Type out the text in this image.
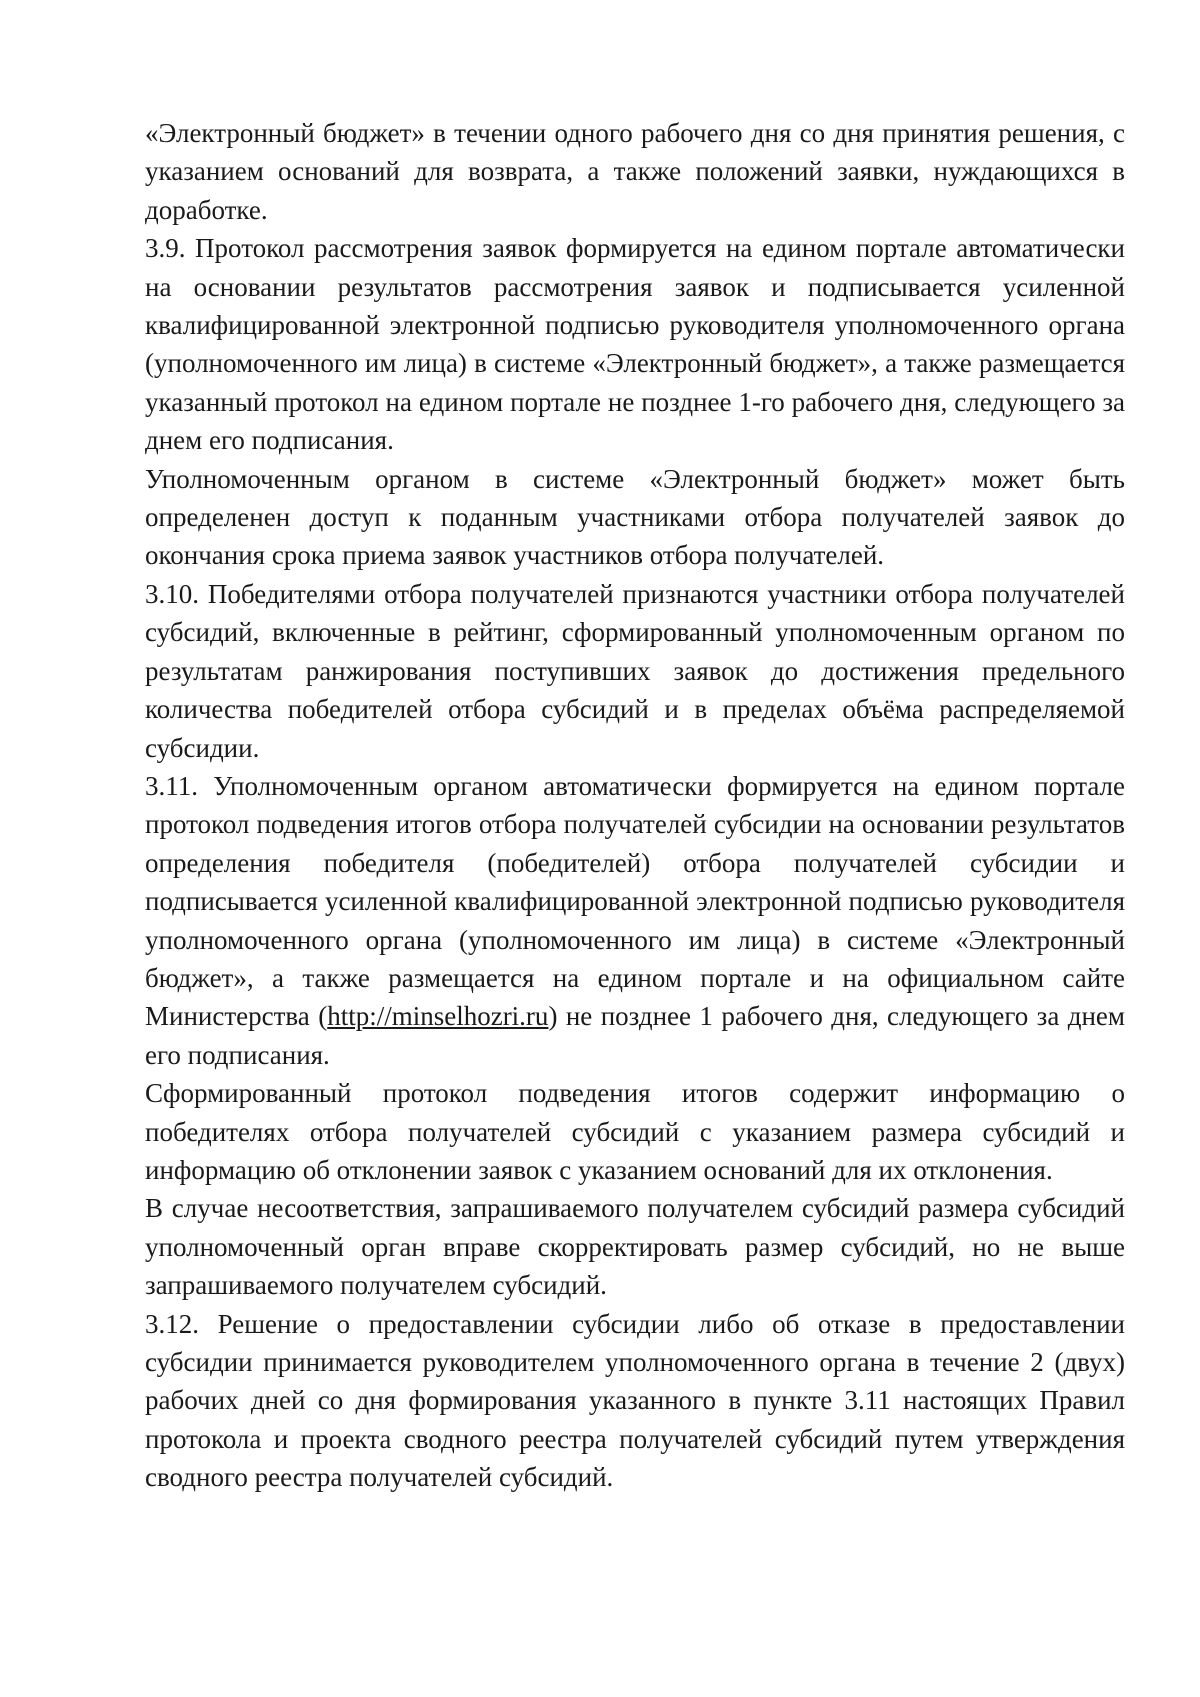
«Электронный бюджет» в течении одного рабочего дня со дня принятия решения, с указанием оснований для возврата, а также положений заявки, нуждающихся в доработке.

3.9. Протокол рассмотрения заявок формируется на едином портале автоматически на основании результатов рассмотрения заявок и подписывается усиленной квалифицированной электронной подписью руководителя уполномоченного органа (уполномоченного им лица) в системе «Электронный бюджет», а также размещается указанный протокол на едином портале не позднее 1-го рабочего дня, следующего за днем его подписания.

Уполномоченным органом в системе «Электронный бюджет» может быть определенен доступ к поданным участниками отбора получателей заявок до окончания срока приема заявок участников отбора получателей.

3.10. Победителями отбора получателей признаются участники отбора получателей субсидий, включенные в рейтинг, сформированный уполномоченным органом по результатам ранжирования поступивших заявок до достижения предельного количества победителей отбора субсидий и в пределах объёма распределяемой субсидии.

3.11. Уполномоченным органом автоматически формируется на едином портале протокол подведения итогов отбора получателей субсидии на основании результатов определения победителя (победителей) отбора получателей субсидии и подписывается усиленной квалифицированной электронной подписью руководителя уполномоченного органа (уполномоченного им лица) в системе «Электронный бюджет», а также размещается на едином портале и на официальном сайте Министерства (http://minselhozri.ru) не позднее 1 рабочего дня, следующего за днем его подписания.

Сформированный протокол подведения итогов содержит информацию о победителях отбора получателей субсидий с указанием размера субсидий и информацию об отклонении заявок с указанием оснований для их отклонения.

В случае несоответствия, запрашиваемого получателем субсидий размера субсидий уполномоченный орган вправе скорректировать размер субсидий, но не выше запрашиваемого получателем субсидий.

3.12. Решение о предоставлении субсидии либо об отказе в предоставлении субсидии принимается руководителем уполномоченного органа в течение 2 (двух) рабочих дней со дня формирования указанного в пункте 3.11 настоящих Правил протокола и проекта сводного реестра получателей субсидий путем утверждения сводного реестра получателей субсидий.
